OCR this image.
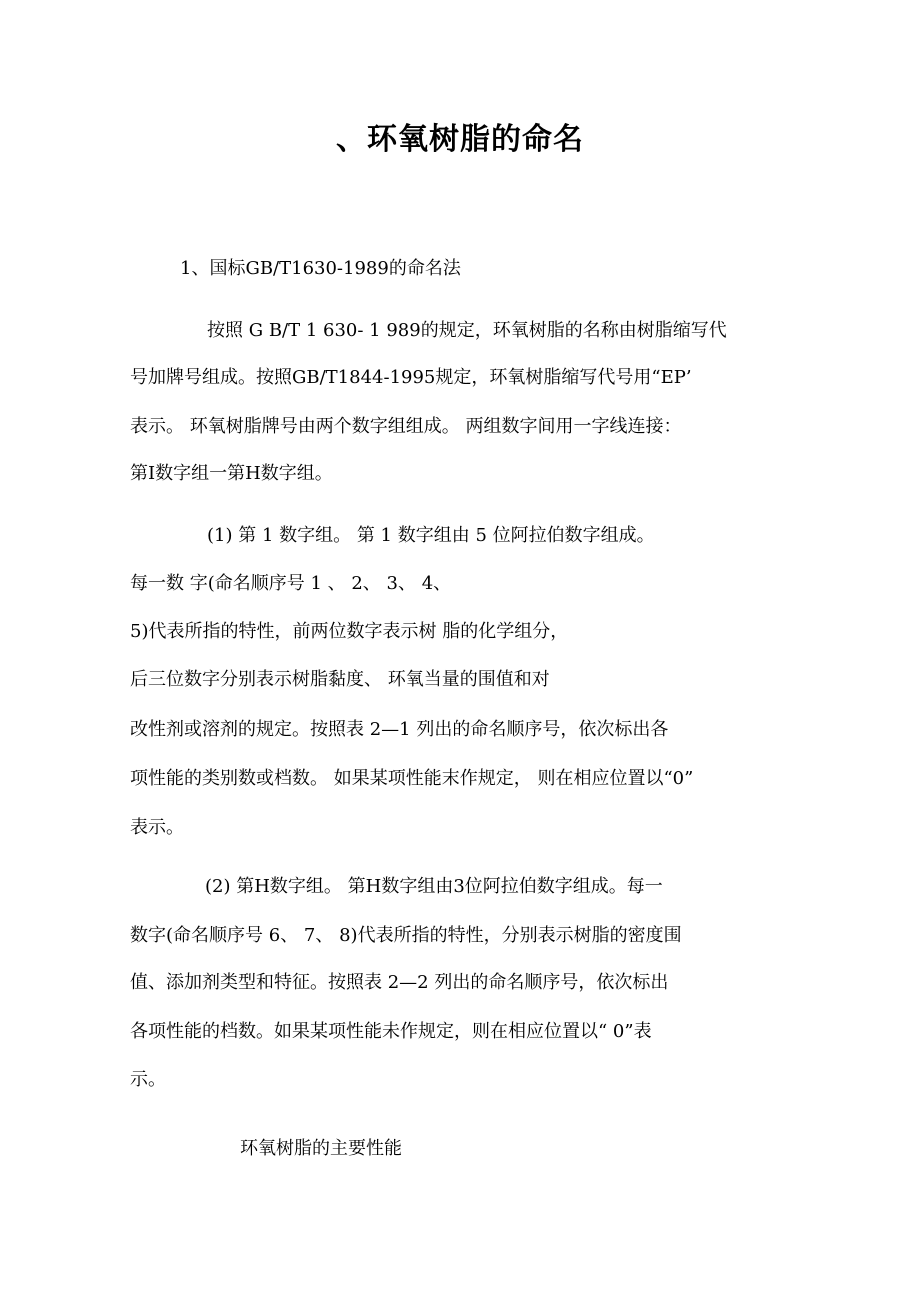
、环氧树脂的命名
1、国标GB/T1630-1989的命名法
按照 G B/T 1 630- 1 989的规定，环氧树脂的名称由树脂缩写代
号加牌号组成。按照GB/T1844-1995规定，环氧树脂缩写代号用“EP’
表示。 环氧树脂牌号由两个数字组组成。 两组数字间用一字线连接：
第I数字组一第H数字组。
(1) 第 1 数字组。 第 1 数字组由 5 位阿拉伯数字组成。
每一数 字(命名顺序号 1 、 2、 3、 4、
5)代表所指的特性，前两位数字表示树 脂的化学组分，
后三位数字分别表示树脂黏度、 环氧当量的围值和对
改性剂或溶剂的规定。按照表 2—1 列出的命名顺序号，依次标出各
项性能的类别数或档数。 如果某项性能末作规定， 则在相应位置以“0”
表示。
(2) 第H数字组。 第H数字组由3位阿拉伯数字组成。每一
数字(命名顺序号 6、 7、 8)代表所指的特性，分别表示树脂的密度围
值、添加剂类型和特征。按照表 2—2 列出的命名顺序号，依次标出
各项性能的档数。如果某项性能未作规定，则在相应位置以“ 0”表
示。
环氧树脂的主要性能
